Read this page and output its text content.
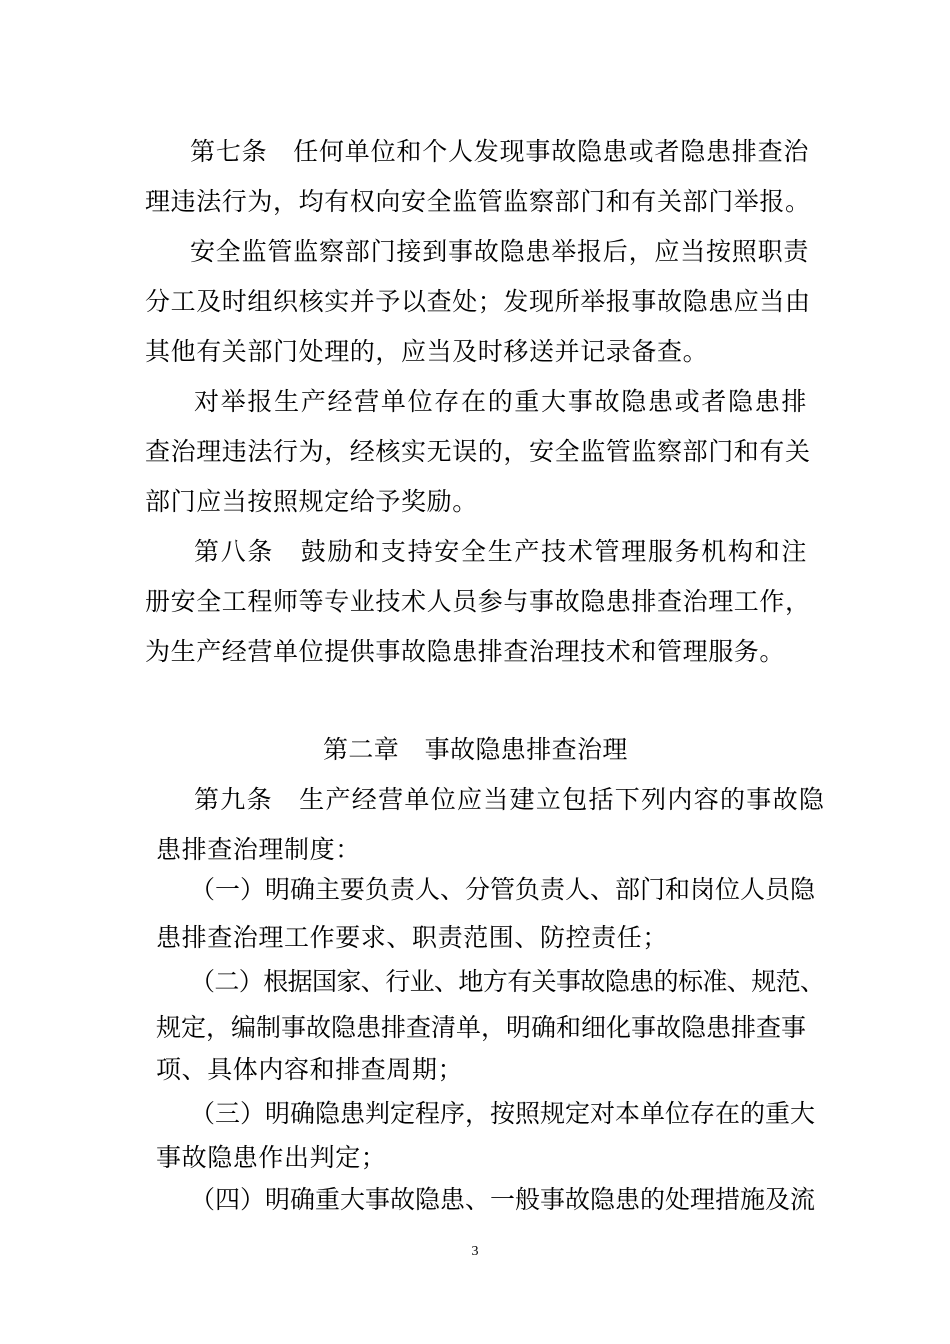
第七条　任何单位和个人发现事故隐患或者隐患排查治
理违法行为，均有权向安全监管监察部门和有关部门举报。
安全监管监察部门接到事故隐患举报后，应当按照职责
分工及时组织核实并予以查处；发现所举报事故隐患应当由
其他有关部门处理的，应当及时移送并记录备查。
对举报生产经营单位存在的重大事故隐患或者隐患排
查治理违法行为，经核实无误的，安全监管监察部门和有关
部门应当按照规定给予奖励。
第八条　鼓励和支持安全生产技术管理服务机构和注
册安全工程师等专业技术人员参与事故隐患排查治理工作，
为生产经营单位提供事故隐患排查治理技术和管理服务。
第二章　事故隐患排查治理
第九条　生产经营单位应当建立包括下列内容的事故隐
患排查治理制度：
（一）明确主要负责人、分管负责人、部门和岗位人员隐
患排查治理工作要求、职责范围、防控责任；
（二）根据国家、行业、地方有关事故隐患的标准、规范、
规定，编制事故隐患排查清单，明确和细化事故隐患排查事
项、具体内容和排查周期；
（三）明确隐患判定程序，按照规定对本单位存在的重大
事故隐患作出判定；
（四）明确重大事故隐患、一般事故隐患的处理措施及流
3
